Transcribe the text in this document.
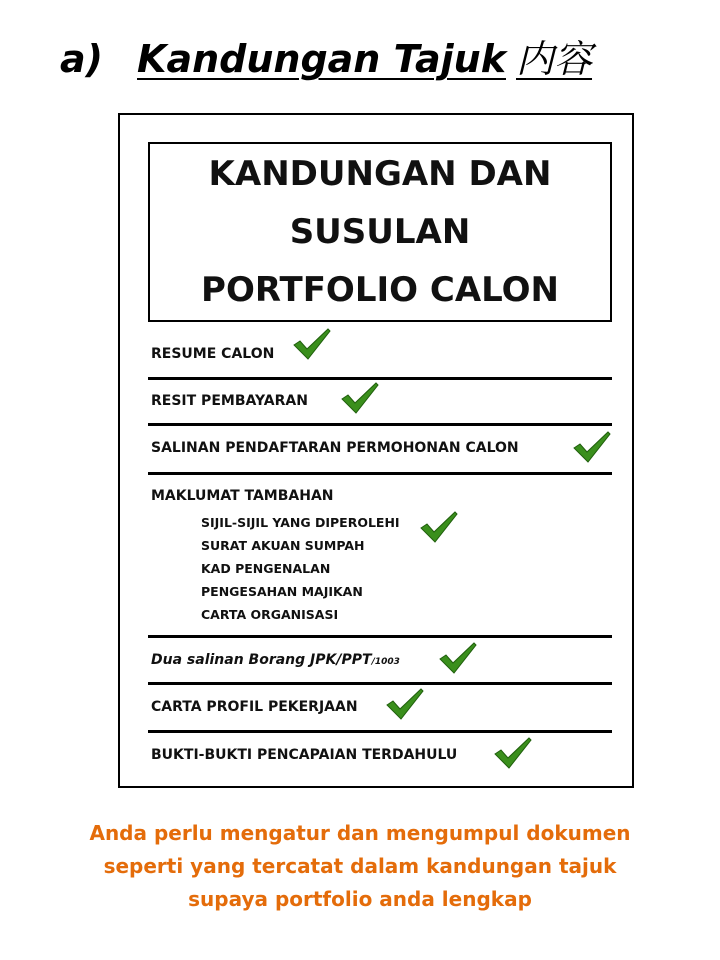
a) Kandungan Tajuk 内容
KANDUNGAN DAN
SUSULAN
PORTFOLIO CALON
RESUME CALON
RESIT PEMBAYARAN
SALINAN PENDAFTARAN PERMOHONAN CALON
MAKLUMAT TAMBAHAN
SIJIL-SIJIL YANG DIPEROLEHI
SURAT AKUAN SUMPAH
KAD PENGENALAN
PENGESAHAN MAJIKAN
CARTA ORGANISASI
Dua salinan Borang JPK/PPT/1003
CARTA PROFIL PEKERJAAN
BUKTI-BUKTI PENCAPAIAN TERDAHULU
Anda perlu mengatur dan mengumpul dokumen
seperti yang tercatat dalam kandungan tajuk
supaya portfolio anda lengkap
